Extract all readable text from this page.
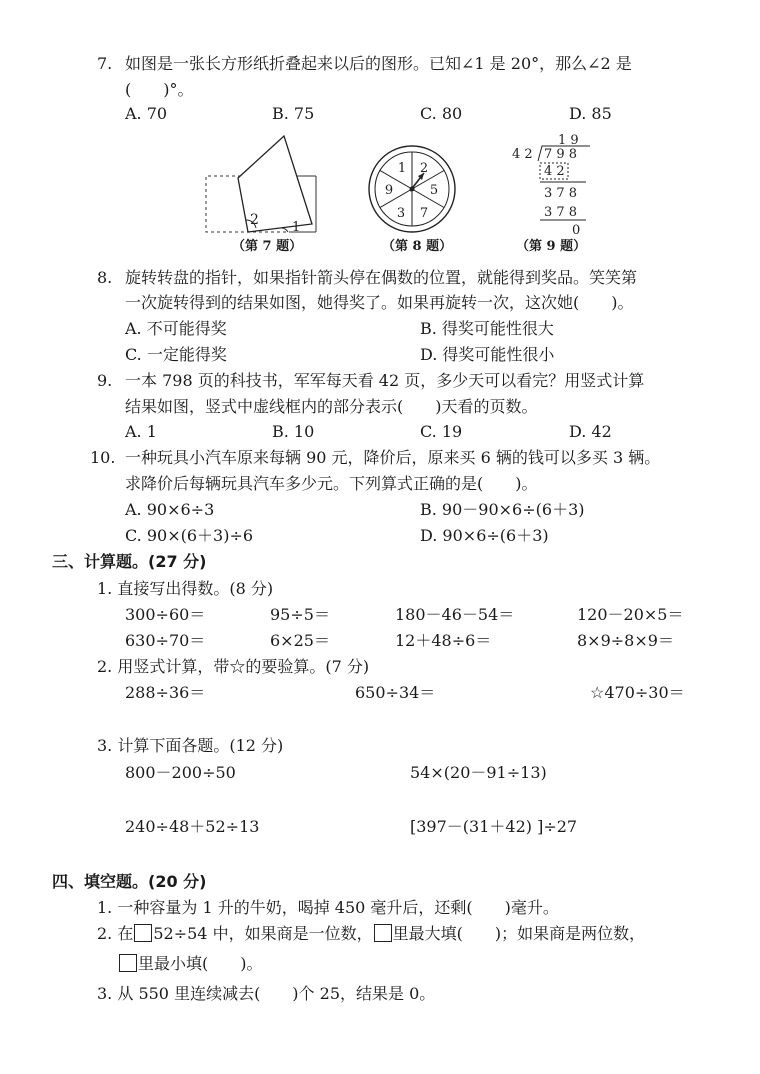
7. 如图是一张长方形纸折叠起来以后的图形。已知∠1 是 20°，那么∠2 是
(　　)°。
A. 70	B. 75	C. 80	D. 85
2	1
（第 7 题）
1 2
5
7
3
9
（第 8 题）
1 9
4 2 7 9 8
4 2
3 7 8
3 7 8
0
（第 9 题）
8. 旋转转盘的指针，如果指针箭头停在偶数的位置，就能得到奖品。笑笑第
一次旋转得到的结果如图，她得奖了。如果再旋转一次，这次她(　　)。
A. 不可能得奖	B. 得奖可能性很大
C. 一定能得奖	D. 得奖可能性很小
9. 一本 798 页的科技书，军军每天看 42 页，多少天可以看完？用竖式计算
结果如图，竖式中虚线框内的部分表示(　　)天看的页数。
A. 1	B. 10	C. 19	D. 42
10. 一种玩具小汽车原来每辆 90 元，降价后，原来买 6 辆的钱可以多买 3 辆。
求降价后每辆玩具汽车多少元。下列算式正确的是(　　)。
A. 90×6÷3	B. 90－90×6÷(6＋3)
C. 90×(6＋3)÷6	D. 90×6÷(6＋3)
三、计算题。(27 分)
1. 直接写出得数。(8 分)
300÷60＝	95÷5＝	180－46－54＝	120－20×5＝
630÷70＝	6×25＝	12＋48÷6＝	8×9÷8×9＝
2. 用竖式计算，带☆的要验算。(7 分)
288÷36＝	650÷34＝	☆470÷30＝
3. 计算下面各题。(12 分)
800－200÷50	54×(20－91÷13)
240÷48＋52÷13	[397－(31＋42) ]÷27
四、填空题。(20 分)
1. 一种容量为 1 升的牛奶，喝掉 450 毫升后，还剩(　　)毫升。
2. 在 52÷54 中，如果商是一位数， 里最大填(　　)；如果商是两位数，
里最小填(　　)。
3. 从 550 里连续减去(　　)个 25，结果是 0。
